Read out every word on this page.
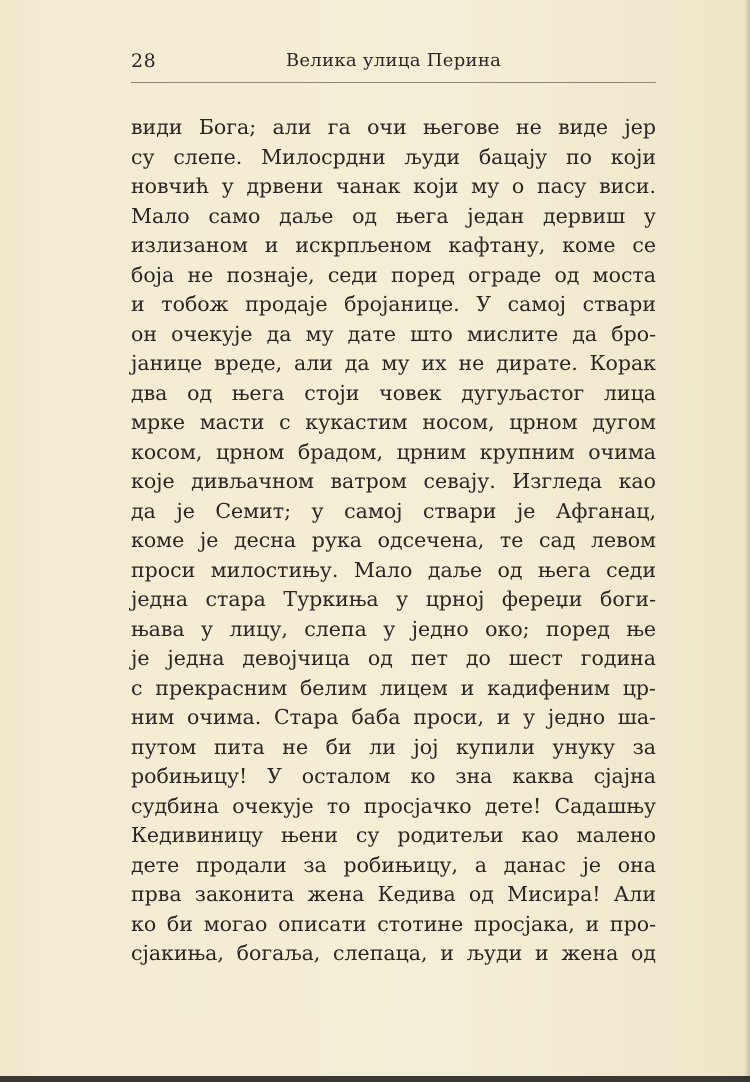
28	Велика улица Перина
види Бога; али га очи његове не виде јер
су слепе. Милосрдни људи бацају по који
новчић у дрвени чанак који му о пасу виси.
Мало само даље од њега један дервиш у
излизаном и искрпљеном кафтану, коме се
боја не познаје, седи поред ограде од моста
и тобож продаје бројанице. У самој ствари
он очекује да му дате што мислите да бро-
јанице вреде, али да му их не дирате. Корак
два од њега стоји човек дугуљастог лица
мрке масти с кукастим носом, црном дугом
косом, црном брадом, црним крупним очима
које дивљачном ватром севају. Изгледа као
да је Семит; у самој ствари је Афганац,
коме је десна рука одсечена, те сад левом
проси милостињу. Мало даље од њега седи
једна стара Туркиња у црној фереџи боги-
њава у лицу, слепа у једно око; поред ње
је једна девојчица од пет до шест година
с прекрасним белим лицем и кадифеним цр-
ним очима. Стара баба проси, и у једно ша-
путом пита не би ли јој купили унуку за
робињицу! У осталом ко зна каква сјајна
судбина очекује то просјачко дете! Садашњу
Кедивиницу њени су родитељи као малено
дете продали за робињицу, а данас је она
прва законита жена Кедива од Мисира! Али
ко би могао описати стотине просјака, и про-
сјакиња, богаља, слепаца, и људи и жена од
